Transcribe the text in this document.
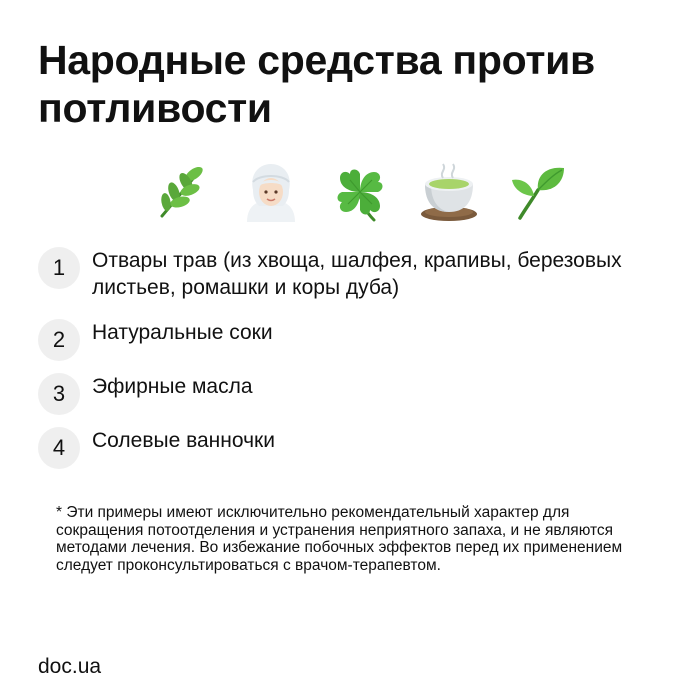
Народные средства против потливости
1	Отвары трав (из хвоща, шалфея, крапивы, березовых листьев, ромашки и коры дуба)
2	Натуральные соки
3	Эфирные масла
4	Солевые ванночки

* Эти примеры имеют исключительно рекомендательный характер для сокращения потоотделения и устранения неприятного запаха, и не являются методами лечения. Во избежание побочных эффектов перед их применением следует проконсультироваться с врачом-терапевтом.

doc.ua
